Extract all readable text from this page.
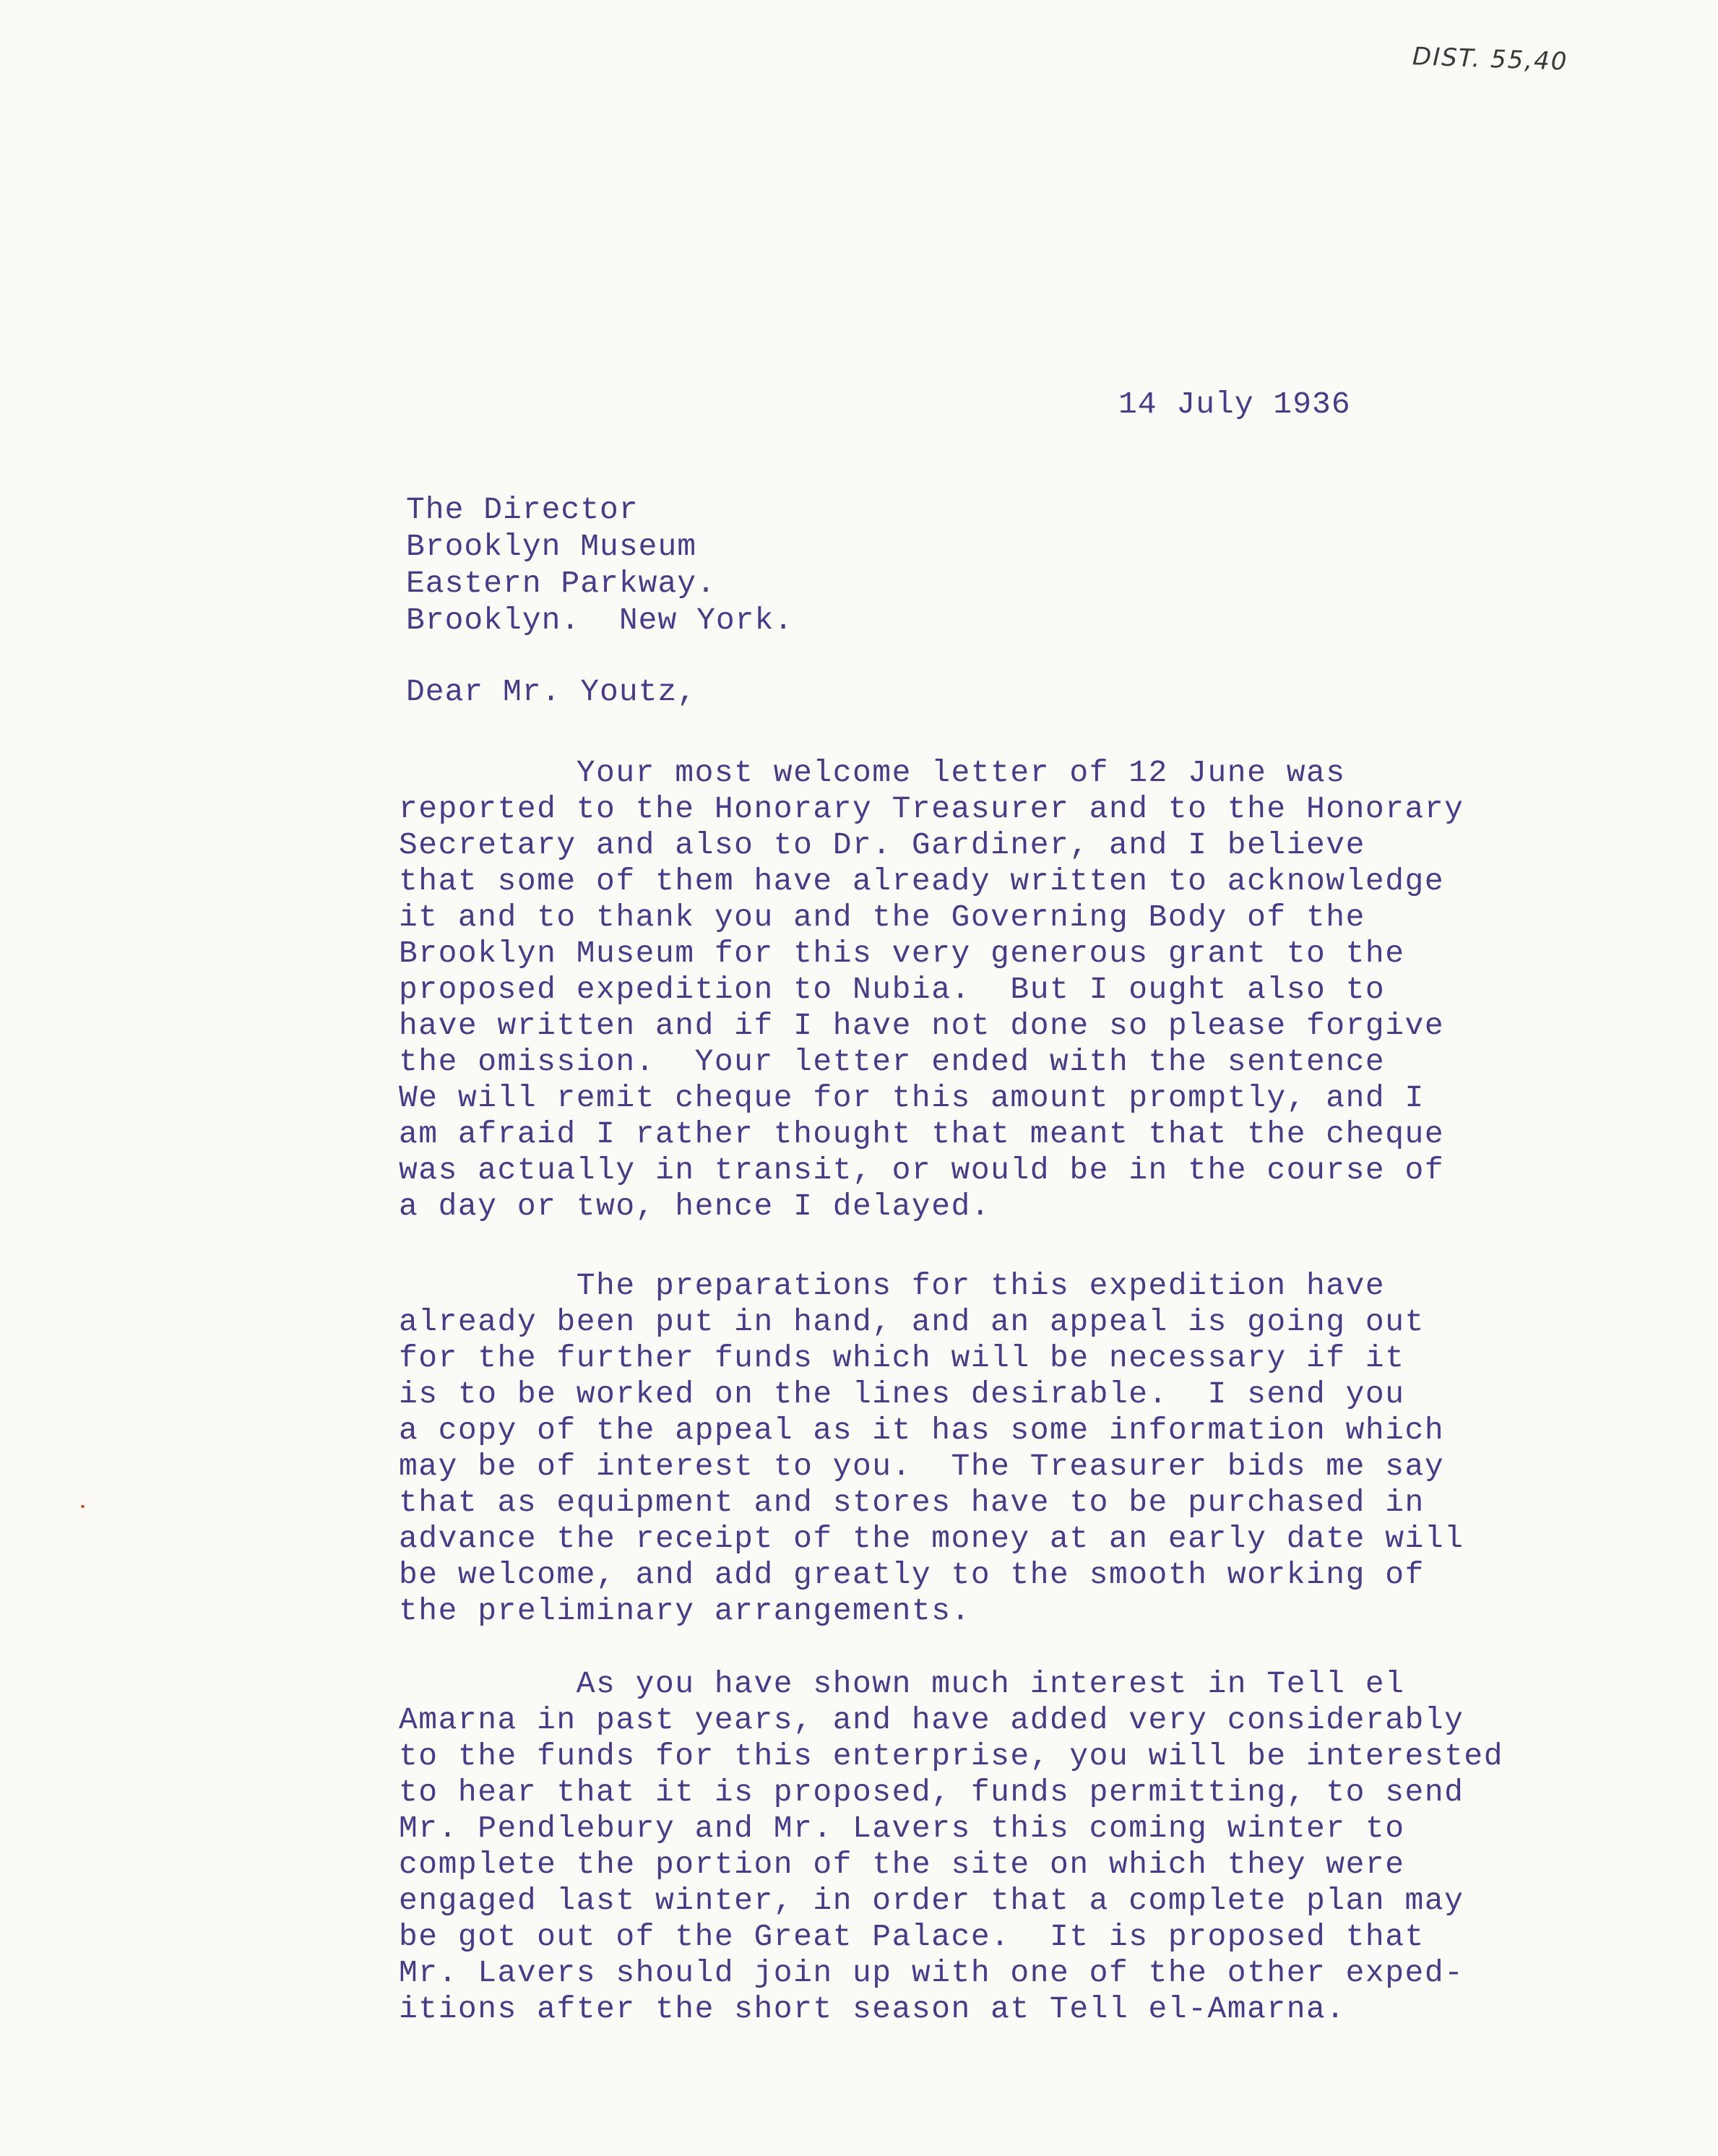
DIST. 55,40
14 July 1936
The Director
Brooklyn Museum
Eastern Parkway.
Brooklyn.  New York.
Dear Mr. Youtz,
Your most welcome letter of 12 June was
reported to the Honorary Treasurer and to the Honorary
Secretary and also to Dr. Gardiner, and I believe
that some of them have already written to acknowledge
it and to thank you and the Governing Body of the
Brooklyn Museum for this very generous grant to the
proposed expedition to Nubia.  But I ought also to
have written and if I have not done so please forgive
the omission.  Your letter ended with the sentence
We will remit cheque for this amount promptly, and I
am afraid I rather thought that meant that the cheque
was actually in transit, or would be in the course of
a day or two, hence I delayed.
The preparations for this expedition have
already been put in hand, and an appeal is going out
for the further funds which will be necessary if it
is to be worked on the lines desirable.  I send you
a copy of the appeal as it has some information which
may be of interest to you.  The Treasurer bids me say
that as equipment and stores have to be purchased in
advance the receipt of the money at an early date will
be welcome, and add greatly to the smooth working of
the preliminary arrangements.
As you have shown much interest in Tell el
Amarna in past years, and have added very considerably
to the funds for this enterprise, you will be interested
to hear that it is proposed, funds permitting, to send
Mr. Pendlebury and Mr. Lavers this coming winter to
complete the portion of the site on which they were
engaged last winter, in order that a complete plan may
be got out of the Great Palace.  It is proposed that
Mr. Lavers should join up with one of the other exped-
itions after the short season at Tell el-Amarna.
